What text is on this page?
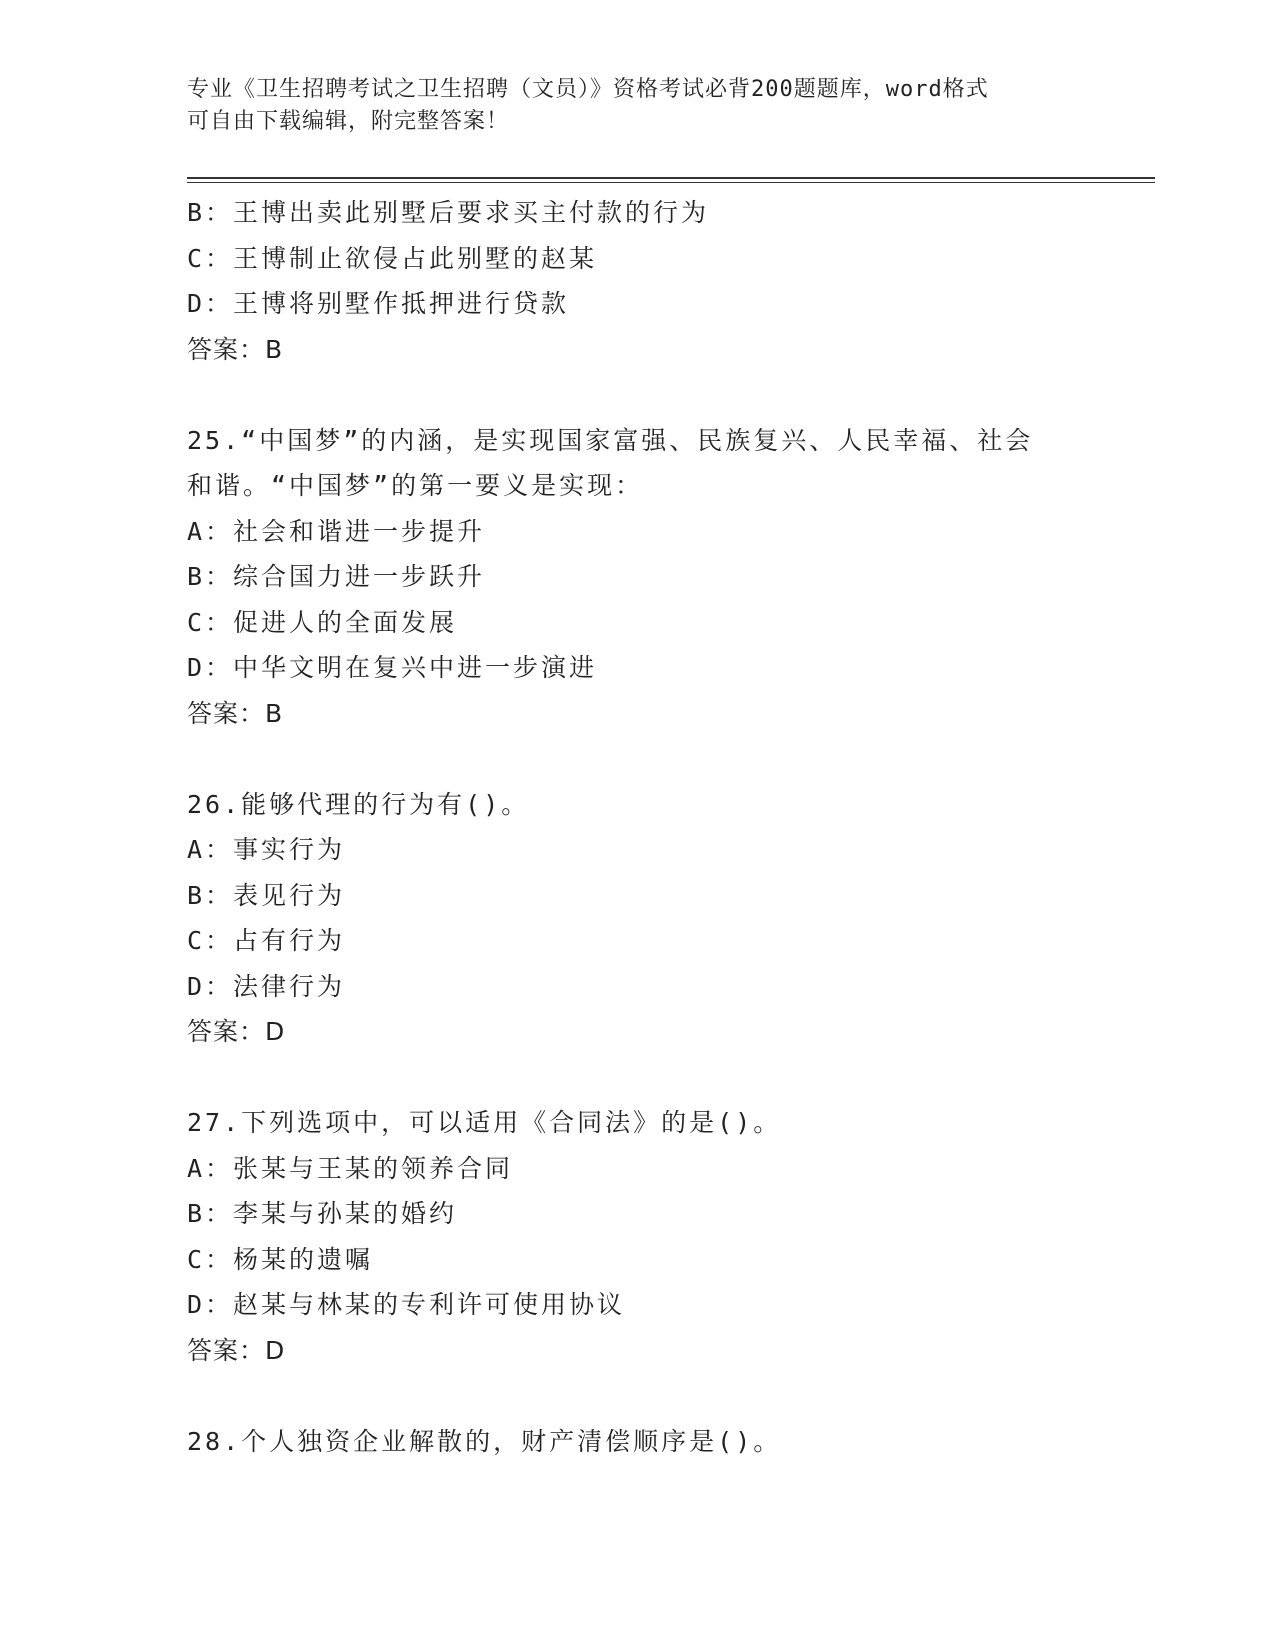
专业《卫生招聘考试之卫生招聘（文员）》资格考试必背200题题库，word格式
可自由下载编辑，附完整答案！
B：王博出卖此别墅后要求买主付款的行为
C：王博制止欲侵占此别墅的赵某
D：王博将别墅作抵押进行贷款
答案：B
25.“中国梦”的内涵，是实现国家富强、民族复兴、人民幸福、社会
和谐。“中国梦”的第一要义是实现：
A：社会和谐进一步提升
B：综合国力进一步跃升
C：促进人的全面发展
D：中华文明在复兴中进一步演进
答案：B
26.能够代理的行为有()。
A：事实行为
B：表见行为
C：占有行为
D：法律行为
答案：D
27.下列选项中，可以适用《合同法》的是()。
A：张某与王某的领养合同
B：李某与孙某的婚约
C：杨某的遗嘱
D：赵某与林某的专利许可使用协议
答案：D
28.个人独资企业解散的，财产清偿顺序是()。
